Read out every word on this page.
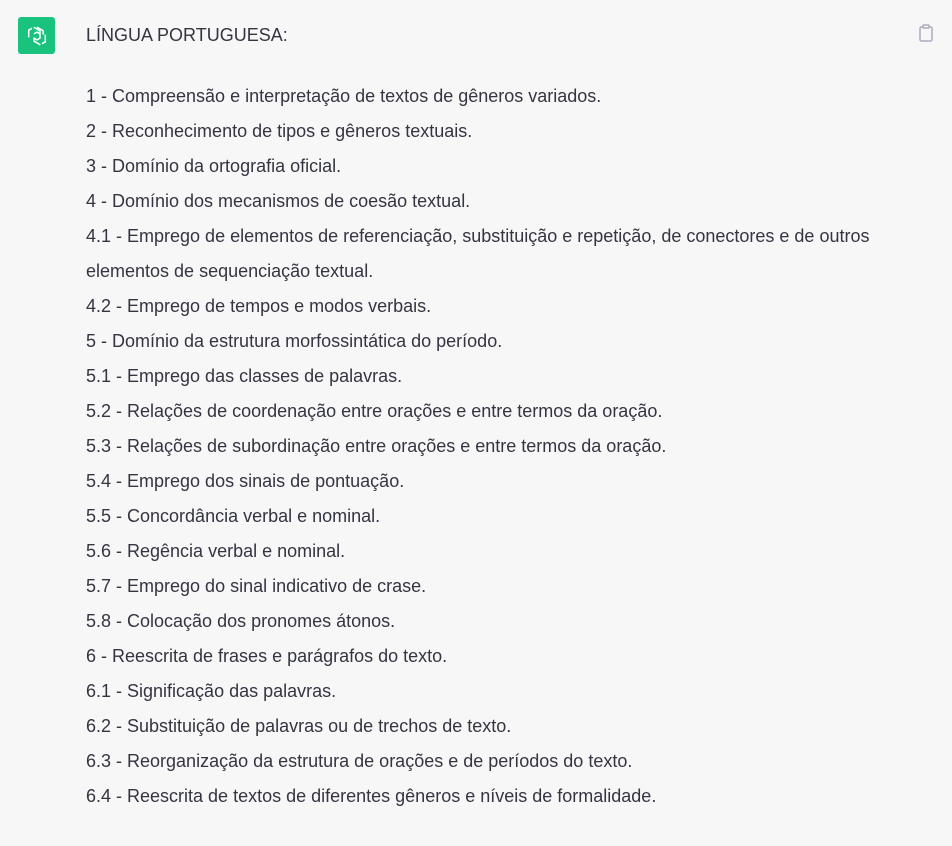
LÍNGUA PORTUGUESA:
1 - Compreensão e interpretação de textos de gêneros variados.
2 - Reconhecimento de tipos e gêneros textuais.
3 - Domínio da ortografia oficial.
4 - Domínio dos mecanismos de coesão textual.
4.1 - Emprego de elementos de referenciação, substituição e repetição, de conectores e de outros elementos de sequenciação textual.
4.2 - Emprego de tempos e modos verbais.
5 - Domínio da estrutura morfossintática do período.
5.1 - Emprego das classes de palavras.
5.2 - Relações de coordenação entre orações e entre termos da oração.
5.3 - Relações de subordinação entre orações e entre termos da oração.
5.4 - Emprego dos sinais de pontuação.
5.5 - Concordância verbal e nominal.
5.6 - Regência verbal e nominal.
5.7 - Emprego do sinal indicativo de crase.
5.8 - Colocação dos pronomes átonos.
6 - Reescrita de frases e parágrafos do texto.
6.1 - Significação das palavras.
6.2 - Substituição de palavras ou de trechos de texto.
6.3 - Reorganização da estrutura de orações e de períodos do texto.
6.4 - Reescrita de textos de diferentes gêneros e níveis de formalidade.
